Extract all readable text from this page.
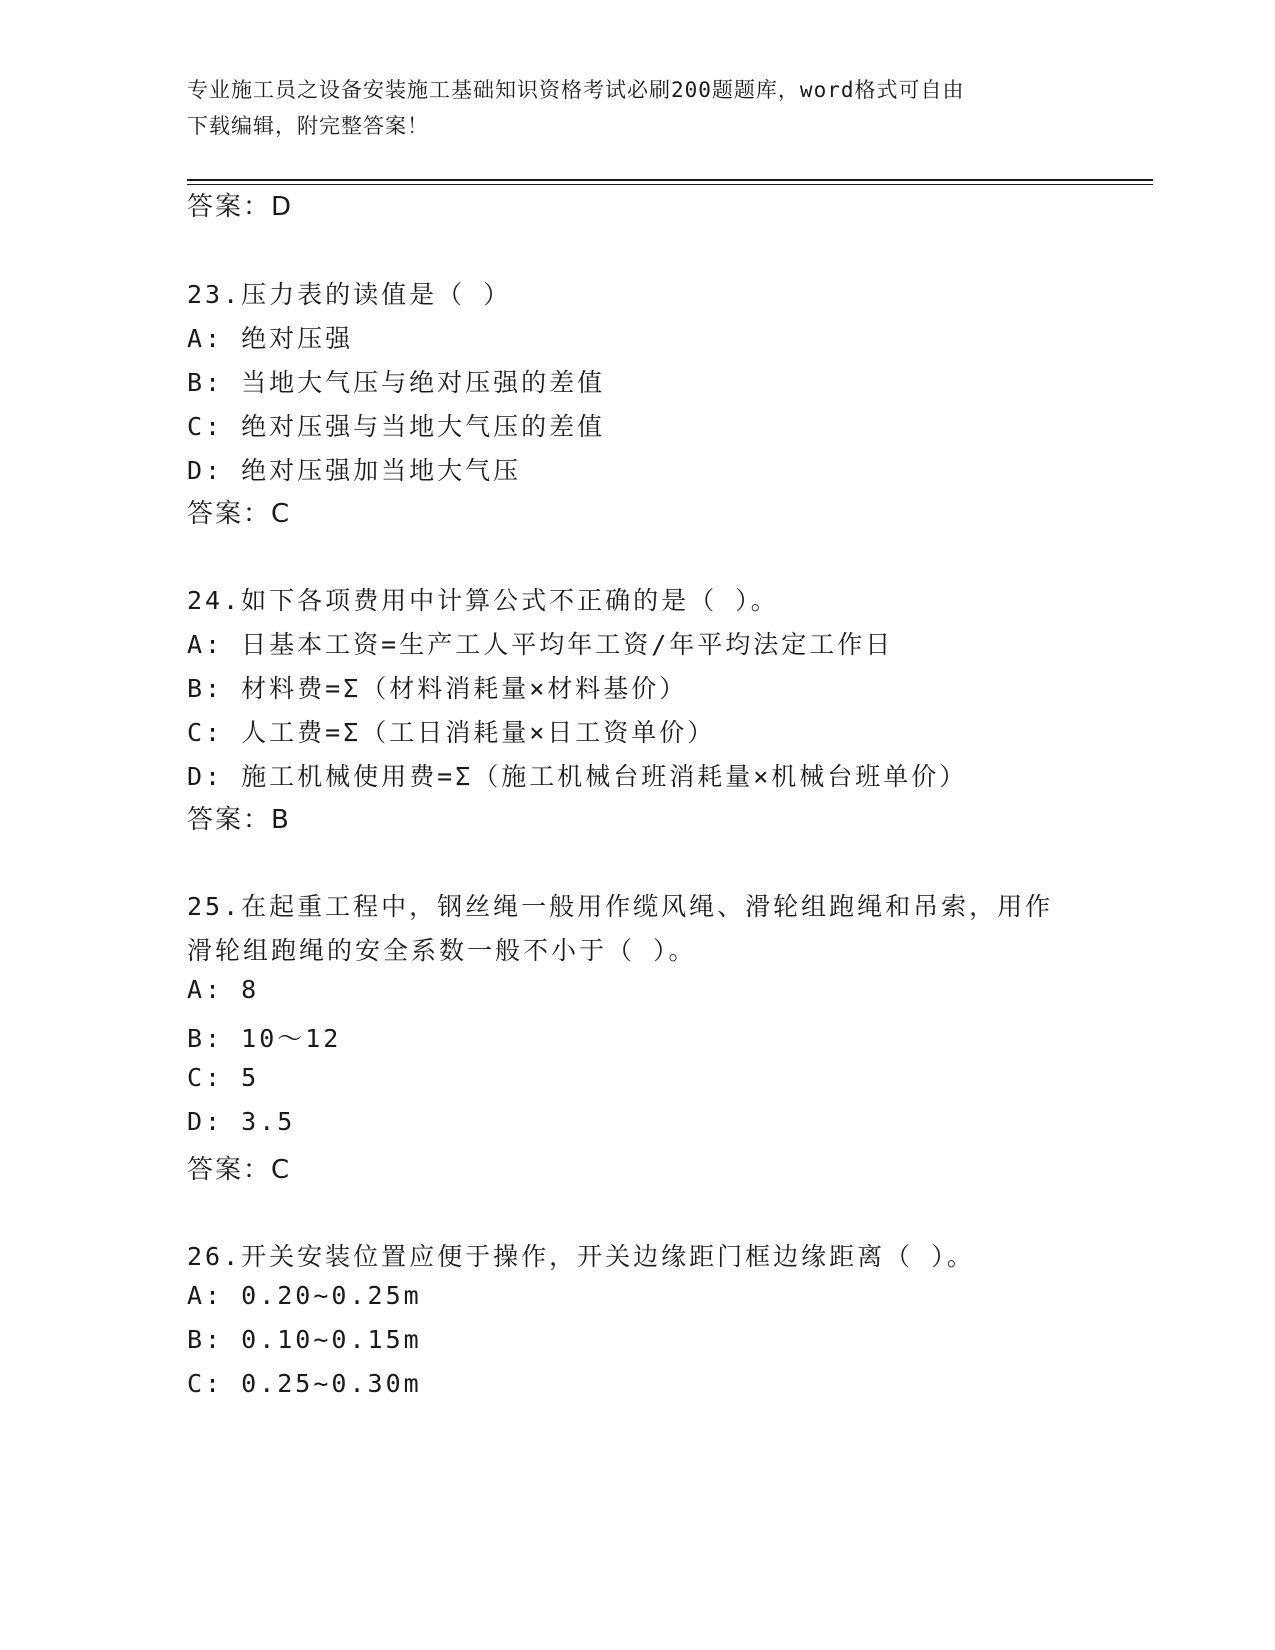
专业施工员之设备安装施工基础知识资格考试必刷200题题库，word格式可自由
下载编辑，附完整答案！
答案：D
23.压力表的读值是（ ）
A: 绝对压强
B: 当地大气压与绝对压强的差值
C: 绝对压强与当地大气压的差值
D: 绝对压强加当地大气压
答案：C
24.如下各项费用中计算公式不正确的是（ ）。
A: 日基本工资=生产工人平均年工资/年平均法定工作日
B: 材料费=Σ（材料消耗量×材料基价）
C: 人工费=Σ（工日消耗量×日工资单价）
D: 施工机械使用费=Σ（施工机械台班消耗量×机械台班单价）
答案：B
25.在起重工程中，钢丝绳一般用作缆风绳、滑轮组跑绳和吊索，用作
滑轮组跑绳的安全系数一般不小于（ ）。
A: 8
B: 10～12
C: 5
D: 3.5
答案：C
26.开关安装位置应便于操作，开关边缘距门框边缘距离（ ）。
A: 0.20~0.25m
B: 0.10~0.15m
C: 0.25~0.30m
